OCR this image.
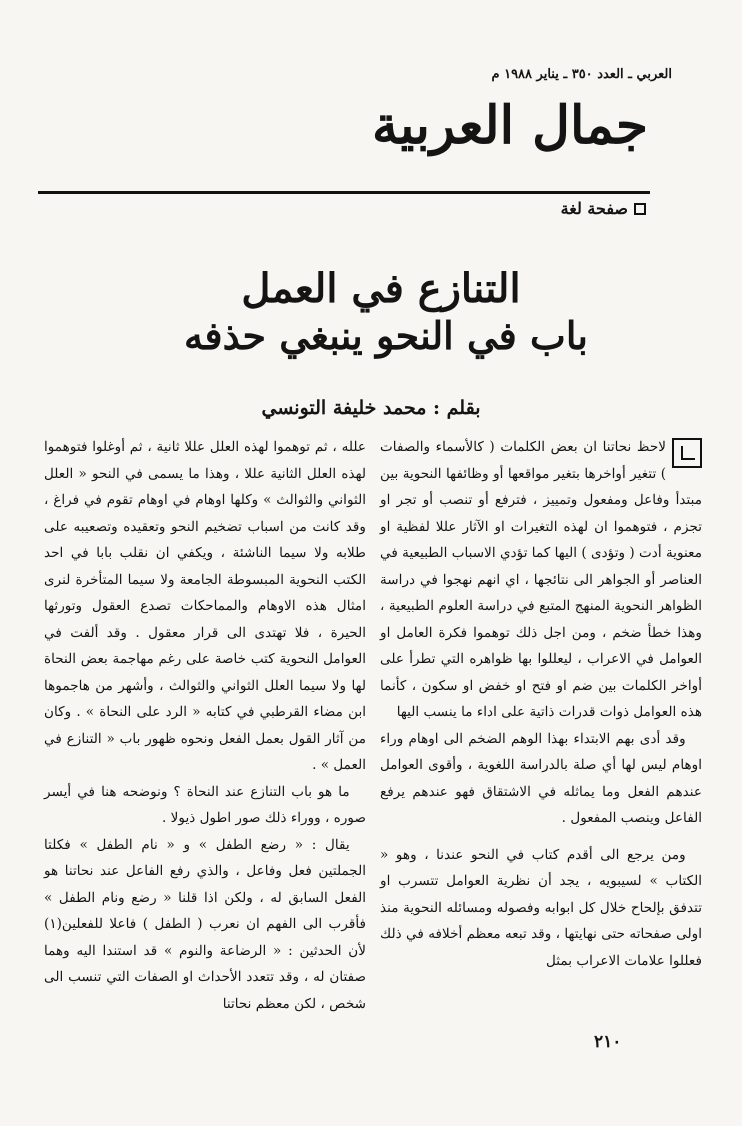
العربي ـ العدد ٣٥٠ ـ يناير ١٩٨٨ م
جمال العربية
صفحة لغة
التنازع في العمل
باب في النحو ينبغي حذفه
بقلم : محمد خليفة التونسي

لاحظ نحاتنا ان بعض الكلمات ( كالأسماء والصفات ) تتغير أواخرها بتغير مواقعها أو وظائفها النحوية بين مبتدأ وفاعل ومفعول وتمييز ، فترفع أو تنصب أو تجر او تجزم ، فتوهموا ان لهذه التغيرات او الآثار عللا لفظية او معنوية أدت ( وتؤدى ) اليها كما تؤدي الاسباب الطبيعية في العناصر أو الجواهر الى نتائجها ، اي انهم نهجوا في دراسة الظواهر النحوية المنهج المتبع في دراسة العلوم الطبيعية ، وهذا خطأ ضخم ، ومن اجل ذلك توهموا فكرة العامل او العوامل في الاعراب ، ليعللوا بها ظواهره التي تطرأ على أواخر الكلمات بين ضم او فتح او خفض او سكون ، كأنما هذه العوامل ذوات قدرات ذاتية على اداء ما ينسب اليها

وقد أدى بهم الابتداء بهذا الوهم الضخم الى اوهام وراء اوهام ليس لها أي صلة بالدراسة اللغوية ، وأقوى العوامل عندهم الفعل وما يماثله في الاشتقاق فهو عندهم يرفع الفاعل وينصب المفعول .

ومن يرجع الى أقدم كتاب في النحو عندنا ، وهو « الكتاب » لسيبويه ، يجد أن نظرية العوامل تتسرب او تتدفق بإلحاح خلال كل ابوابه وفصوله ومسائله النحوية منذ اولى صفحاته حتى نهايتها ، وقد تبعه معظم أخلافه في ذلك فعللوا علامات الاعراب بمثل

علله ، ثم توهموا لهذه العلل عللا ثانية ، ثم أوغلوا فتوهموا لهذه العلل الثانية عللا ، وهذا ما يسمى في النحو « العلل الثواني والثوالث » وكلها اوهام في اوهام تقوم في فراغ ، وقد كانت من اسباب تضخيم النحو وتعقيده وتصعيبه على طلابه ولا سيما الناشئة ، ويكفي ان نقلب بابا في احد الكتب النحوية المبسوطة الجامعة ولا سيما المتأخرة لنرى امثال هذه الاوهام والمماحكات تصدع العقول وتورثها الحيرة ، فلا تهتدى الى قرار معقول . وقد ألفت في العوامل النحوية كتب خاصة على رغم مهاجمة بعض النحاة لها ولا سيما العلل الثواني والثوالث ، وأشهر من هاجموها ابن مضاء القرطبي في كتابه « الرد على النحاة » . وكان من آثار القول بعمل الفعل ونحوه ظهور باب « التنازع في العمل » .

ما هو باب التنازع عند النحاة ؟ ونوضحه هنا في أيسر صوره ، ووراء ذلك صور اطول ذيولا .

يقال : « رضع الطفل » و « نام الطفل » فكلتا الجملتين فعل وفاعل ، والذي رفع الفاعل عند نحاتنا هو الفعل السابق له ، ولكن اذا قلنا « رضع ونام الطفل » فأقرب الى الفهم ان نعرب ( الطفل ) فاعلا للفعلين(١) لأن الحدثين : « الرضاعة والنوم » قد استندا اليه وهما صفتان له ، وقد تتعدد الأحداث او الصفات التي تنسب الى شخص ، لكن معظم نحاتنا

٢١٠
